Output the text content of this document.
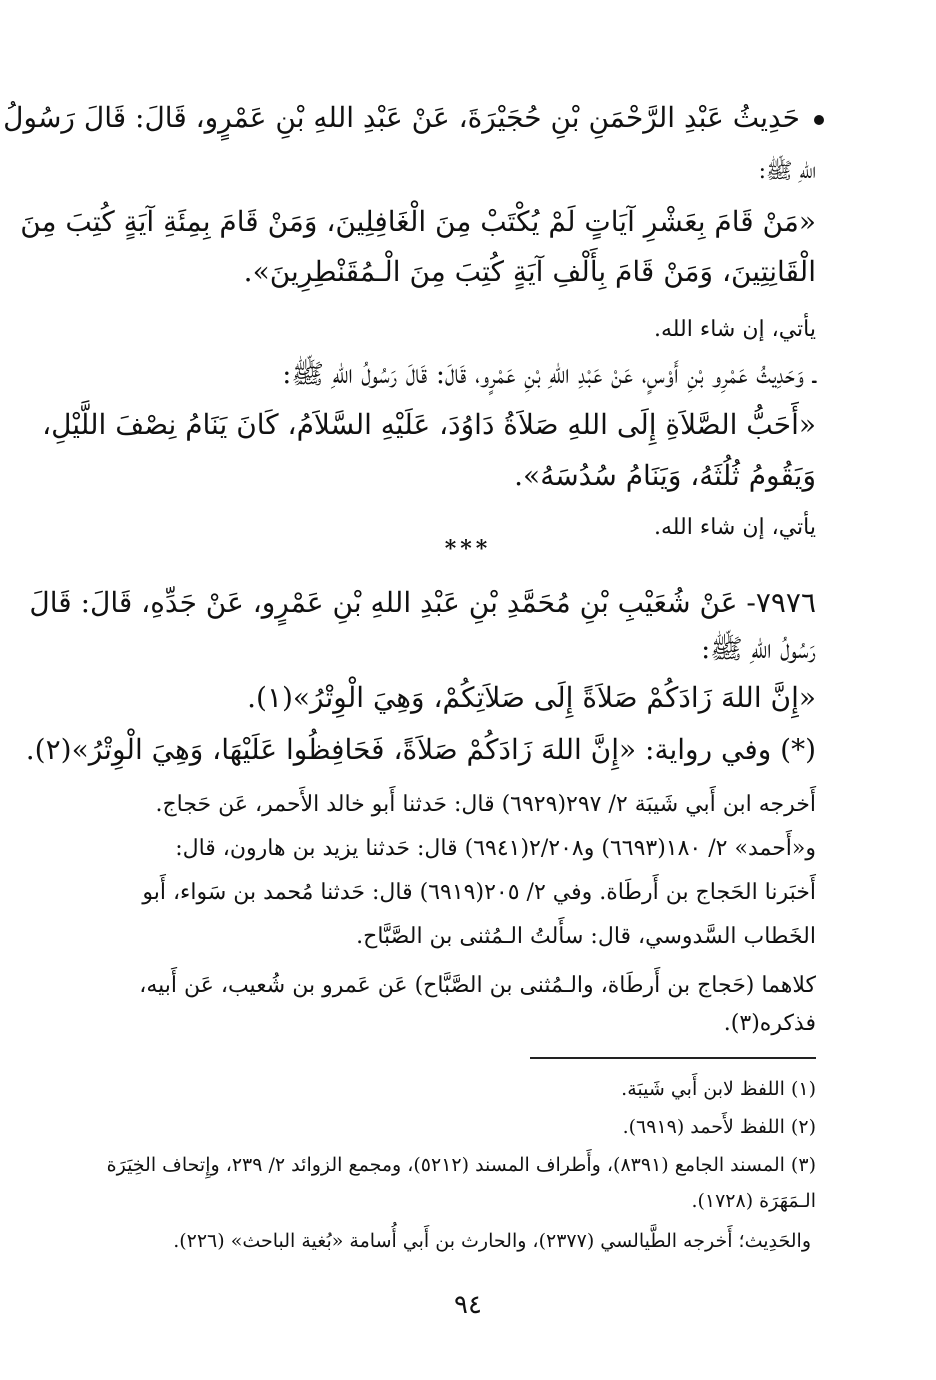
حَدِيثُ عَبْدِ الرَّحْمَنِ بْنِ حُجَيْرَةَ، عَنْ عَبْدِ اللهِ بْنِ عَمْرٍو، قَالَ: قَالَ رَسُولُ
اللهِ ﷺ:
«مَنْ قَامَ بِعَشْرِ آيَاتٍ لَمْ يُكْتَبْ مِنَ الْغَافِلِينَ، وَمَنْ قَامَ بِمِئَةِ آيَةٍ كُتِبَ مِنَ
الْقَانِتِينَ، وَمَنْ قَامَ بِأَلْفِ آيَةٍ كُتِبَ مِنَ الْـمُقَنْطِرِينَ».
يأتي، إن شاء الله.
ـ وَحَدِيثُ عَمْرِو بْنِ أَوْسٍ، عَنْ عَبْدِ اللهِ بْنِ عَمْرٍو، قَالَ: قَالَ رَسُولُ اللهِ ﷺ:
«أَحَبُّ الصَّلاَةِ إِلَى اللهِ صَلاَةُ دَاوُدَ، عَلَيْهِ السَّلاَمُ، كَانَ يَنَامُ نِصْفَ اللَّيْلِ،
وَيَقُومُ ثُلُثَهُ، وَيَنَامُ سُدُسَهُ».
يأتي، إن شاء الله.
***
٧٩٧٦- عَنْ شُعَيْبِ بْنِ مُحَمَّدِ بْنِ عَبْدِ اللهِ بْنِ عَمْرٍو، عَنْ جَدِّهِ، قَالَ: قَالَ
رَسُولُ اللهِ ﷺ:
«إِنَّ اللهَ زَادَكُمْ صَلاَةً إِلَى صَلاَتِكُمْ، وَهِيَ الْوِتْرُ»(١).
(*) وفي رواية: «إِنَّ اللهَ زَادَكُمْ صَلاَةً، فَحَافِظُوا عَلَيْهَا، وَهِيَ الْوِتْرُ»(٢).
أَخرجه ابن أَبي شَيبَة ٢/ ٢٩٧(٦٩٢٩) قال: حَدثنا أَبو خالد الأَحمر، عَن حَجاج.
و«أَحمد» ٢/ ١٨٠(٦٦٩٣) و٢/٢٠٨(٦٩٤١) قال: حَدثنا يزيد بن هارون، قال:
أَخبَرنا الحَجاج بن أَرطَاة. وفي ٢/ ٢٠٥(٦٩١٩) قال: حَدثنا مُحمد بن سَواء، أَبو
الخَطاب السَّدوسي، قال: سأَلتُ الـمُثنى بن الصَّبَّاح.
كلاهما (حَجاج بن أَرطَاة، والـمُثنى بن الصَّبَّاح) عَن عَمرو بن شُعيب، عَن أَبيه،
فذكره(٣).
(١) اللفظ لابن أَبي شَيبَة.
(٢) اللفظ لأَحمد (٦٩١٩).
(٣) المسند الجامع (٨٣٩١)، وأَطراف المسند (٥٢١٢)، ومجمع الزوائد ٢/ ٢٣٩، وإِتحاف الخِيَرَة
الـمَهَرَة (١٧٢٨).
والحَدِيث؛ أَخرجه الطَّيالسي (٢٣٧٧)، والحارث بن أَبي أُسامة «بُغية الباحث» (٢٢٦).
٩٤
